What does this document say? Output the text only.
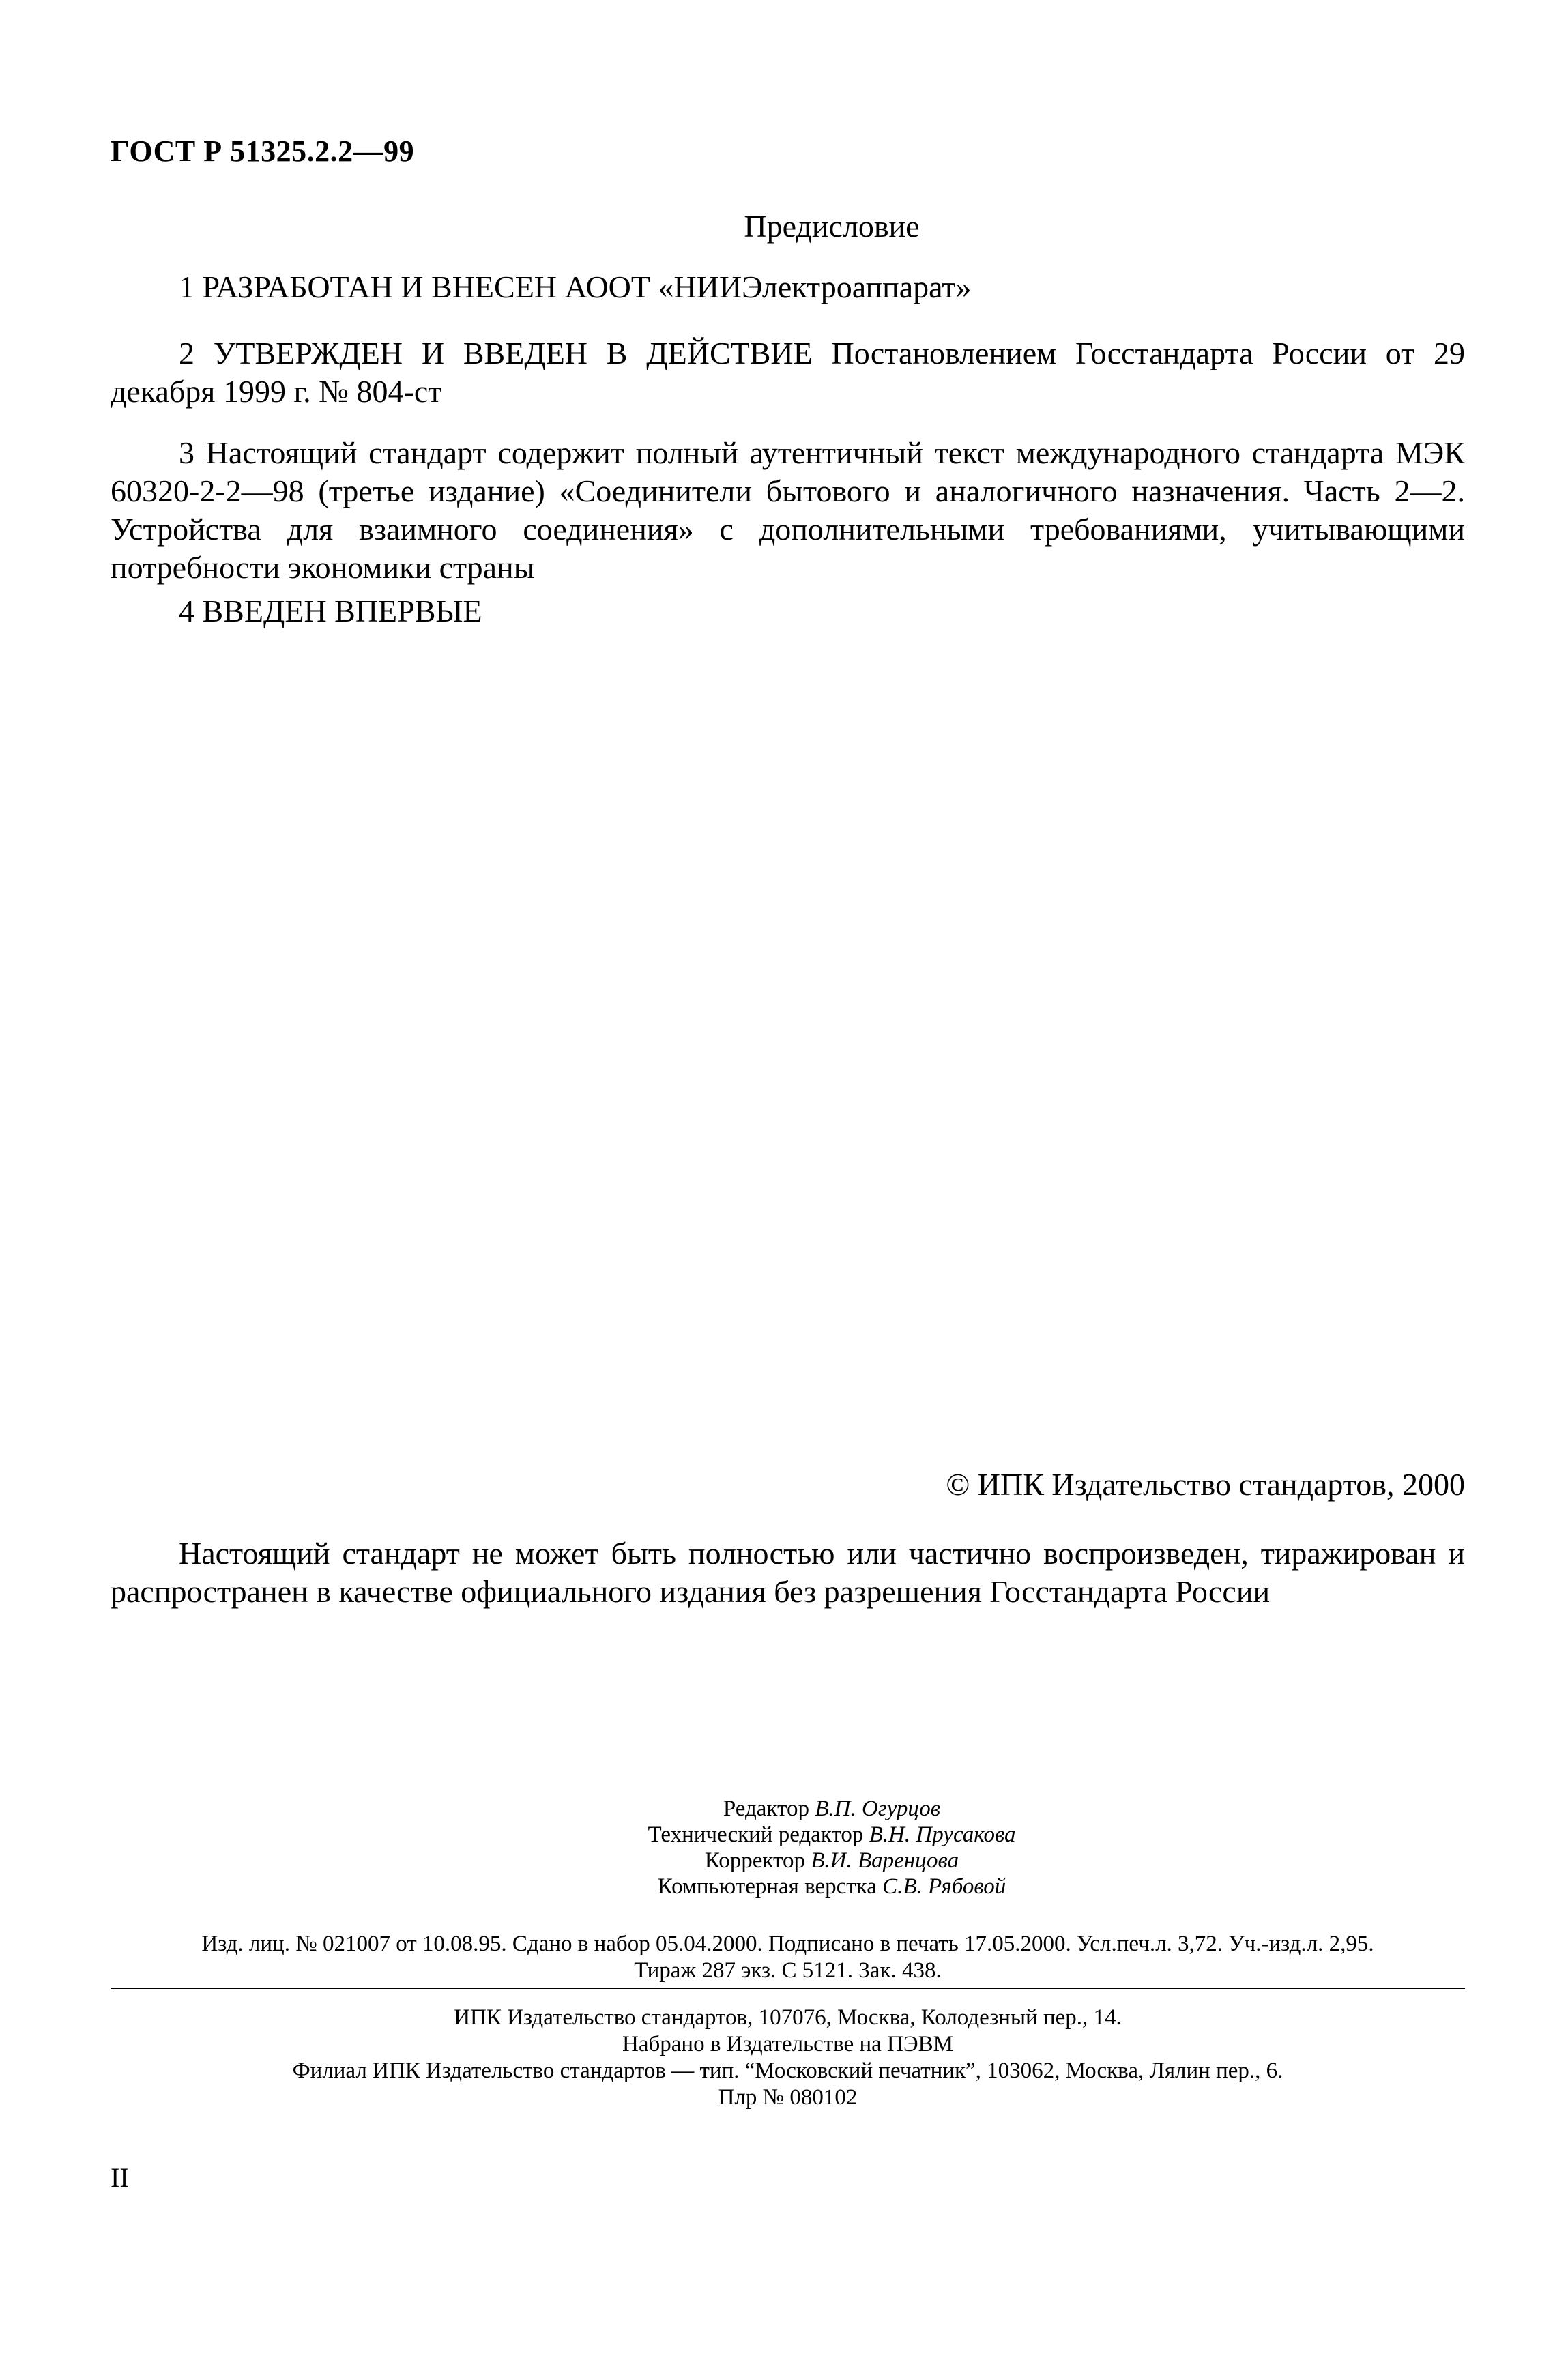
ГОСТ Р 51325.2.2—99
Предисловие
1 РАЗРАБОТАН И ВНЕСЕН АООТ «НИИЭлектроаппарат»
2 УТВЕРЖДЕН И ВВЕДЕН В ДЕЙСТВИЕ Постановлением Госстандарта России от 29 декабря 1999 г. № 804-ст
3 Настоящий стандарт содержит полный аутентичный текст международного стандарта МЭК 60320-2-2—98 (третье издание) «Соединители бытового и аналогичного назначения. Часть 2—2. Устройства для взаимного соединения» с дополнительными требованиями, учитывающими потребности экономики страны
4 ВВЕДЕН ВПЕРВЫЕ
© ИПК Издательство стандартов, 2000
Настоящий стандарт не может быть полностью или частично воспроизведен, тиражирован и распространен в качестве официального издания без разрешения Госстандарта России
Редактор В.П. Огурцов
Технический редактор В.Н. Прусакова
Корректор В.И. Варенцова
Компьютерная верстка С.В. Рябовой
Изд. лиц. № 021007 от 10.08.95. Сдано в набор 05.04.2000. Подписано в печать 17.05.2000. Усл.печ.л. 3,72. Уч.-изд.л. 2,95.
Тираж 287 экз. С 5121. Зак. 438.
ИПК Издательство стандартов, 107076, Москва, Колодезный пер., 14.
Набрано в Издательстве на ПЭВМ
Филиал ИПК Издательство стандартов — тип. “Московский печатник”, 103062, Москва, Лялин пер., 6.
Плр № 080102
II
